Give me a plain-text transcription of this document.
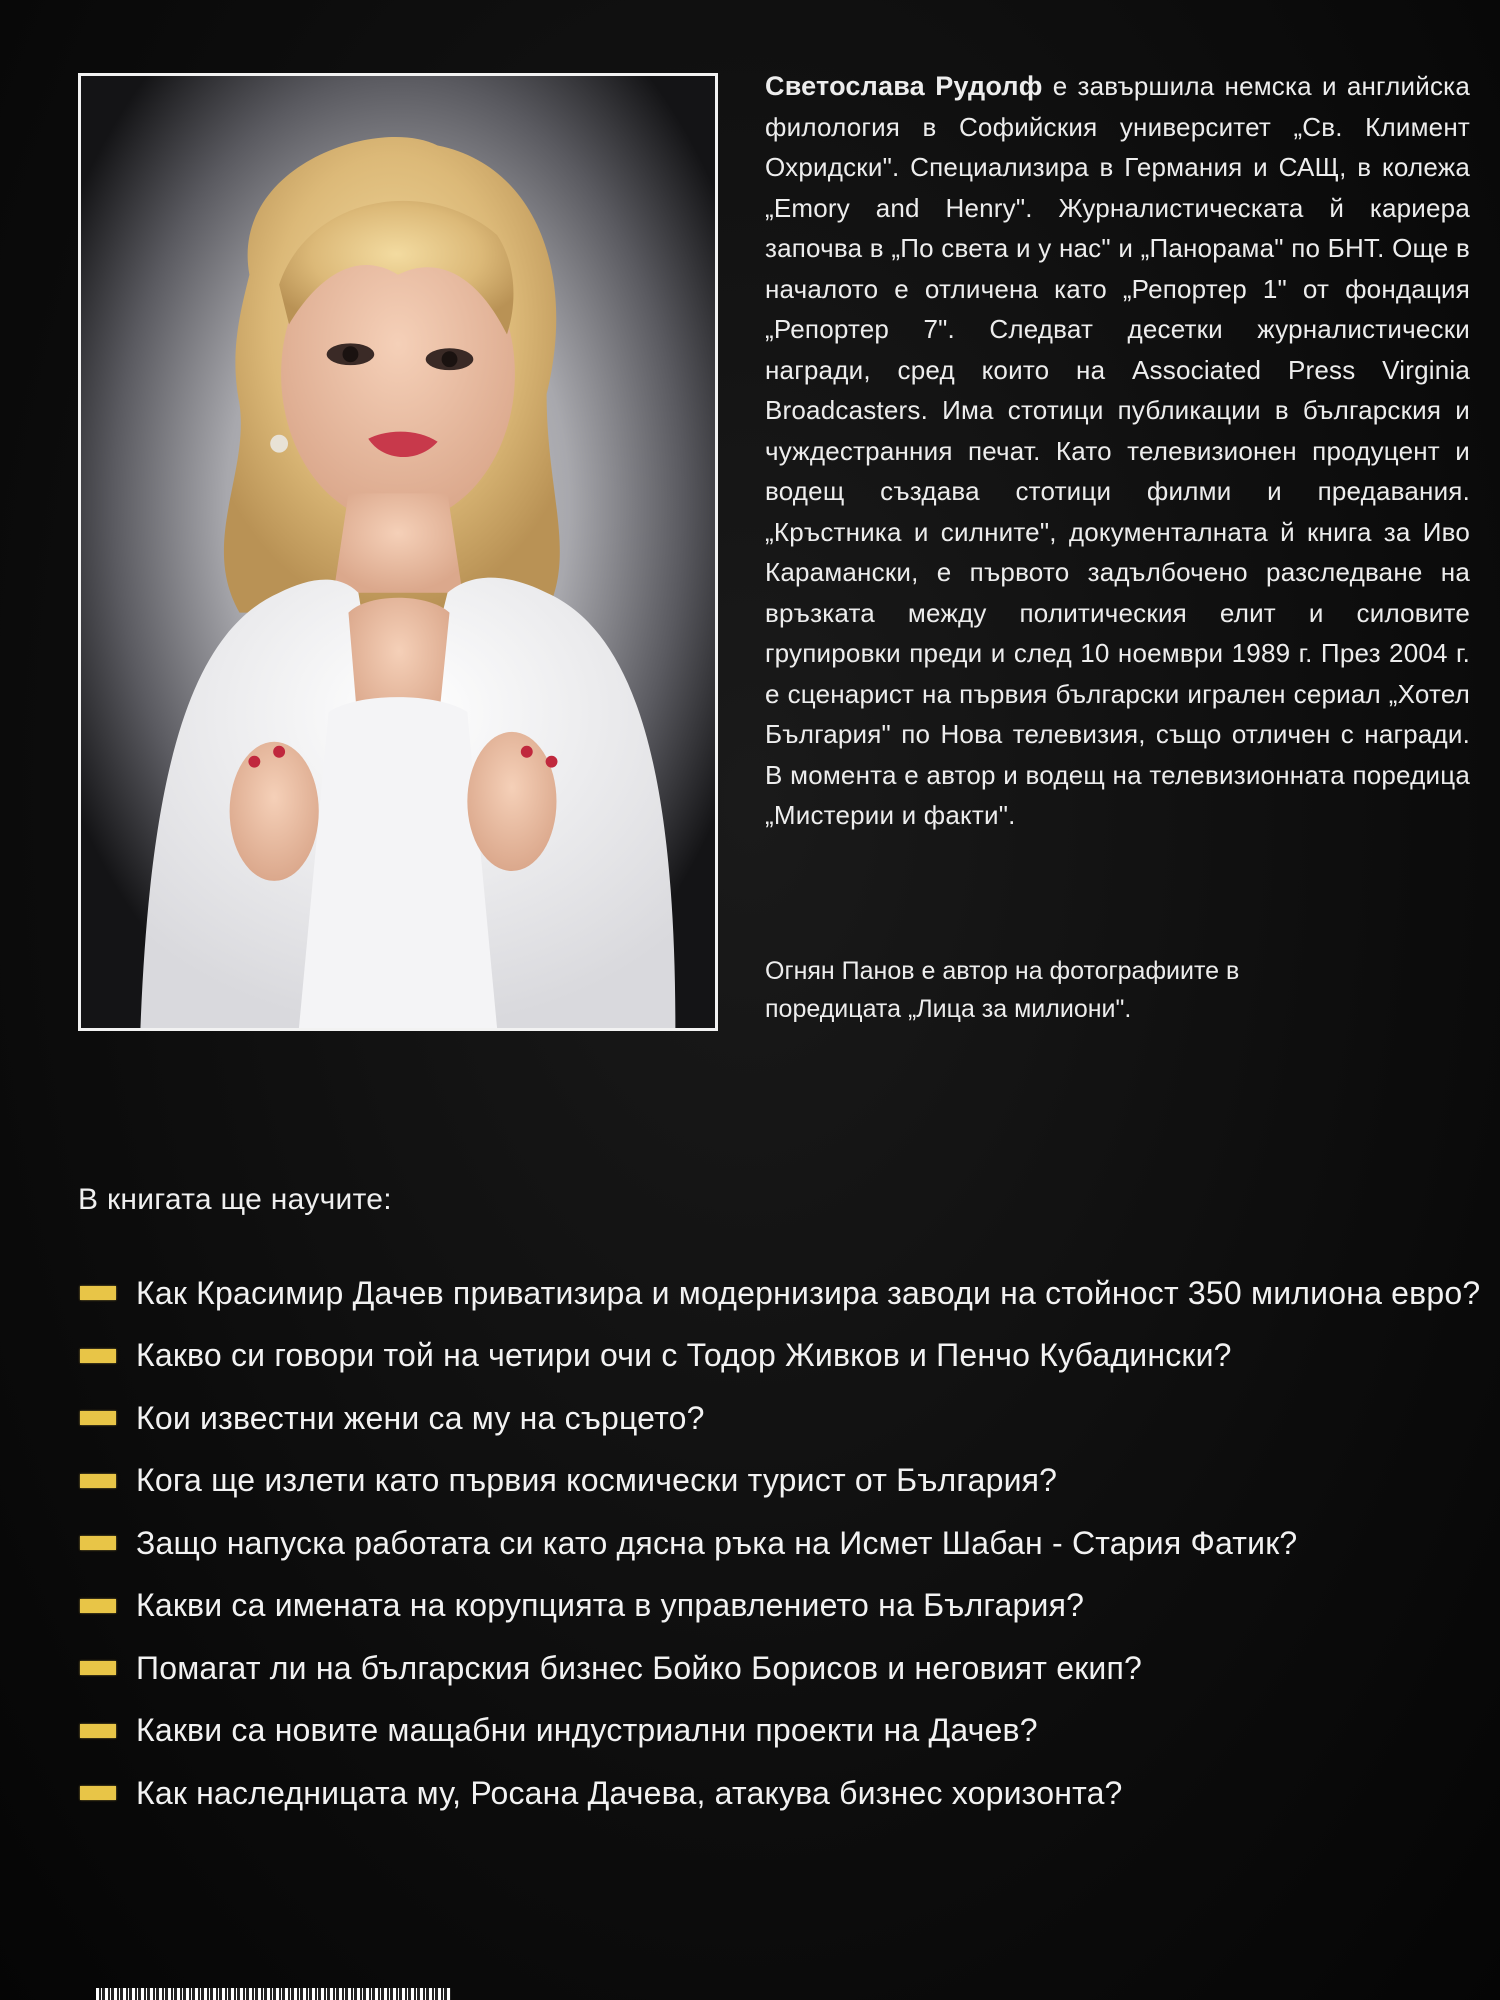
Светослава Рудолф е завършила немска и английска филология в Софийския университет „Св. Климент Охридски". Специализира в Германия и САЩ, в колежа „Emory and Henry". Журналистическата й кариера започва в „По света и у нас" и „Панорама" по БНТ. Още в началото е отличена като „Репортер 1" от фондация „Репортер 7". Следват десетки журналистически награди, сред които на Associated Press Virginia Broadcasters. Има стотици публикации в българския и чуждестранния печат. Като телевизионен продуцент и водещ създава стотици филми и предавания. „Кръстника и силните", документалната й книга за Иво Карамански, е първото задълбочено разследване на връзката между политическия елит и силовите групировки преди и след 10 ноември 1989 г. През 2004 г. е сценарист на първия български игрален сериал „Хотел България" по Нова телевизия, също отличен с награди. В момента е автор и водещ на телевизионната поредица „Мистерии и факти".
Огнян Панов е автор на фотографиите в поредицата „Лица за милиони".
В книгата ще научите:
Как Красимир Дачев приватизира и модернизира заводи на стойност 350 милиона евро?
Какво си говори той на четири очи с Тодор Живков и Пенчо Кубадински?
Кои известни жени са му на сърцето?
Кога ще излети като първия космически турист от България?
Защо напуска работата си като дясна ръка на Исмет Шабан - Стария Фатик?
Какви са имената на корупцията в управлението на България?
Помагат ли на българския бизнес Бойко Борисов и неговият екип?
Какви са новите мащабни индустриални проекти на Дачев?
Как наследницата му, Росана Дачева, атакува бизнес хоризонта?
